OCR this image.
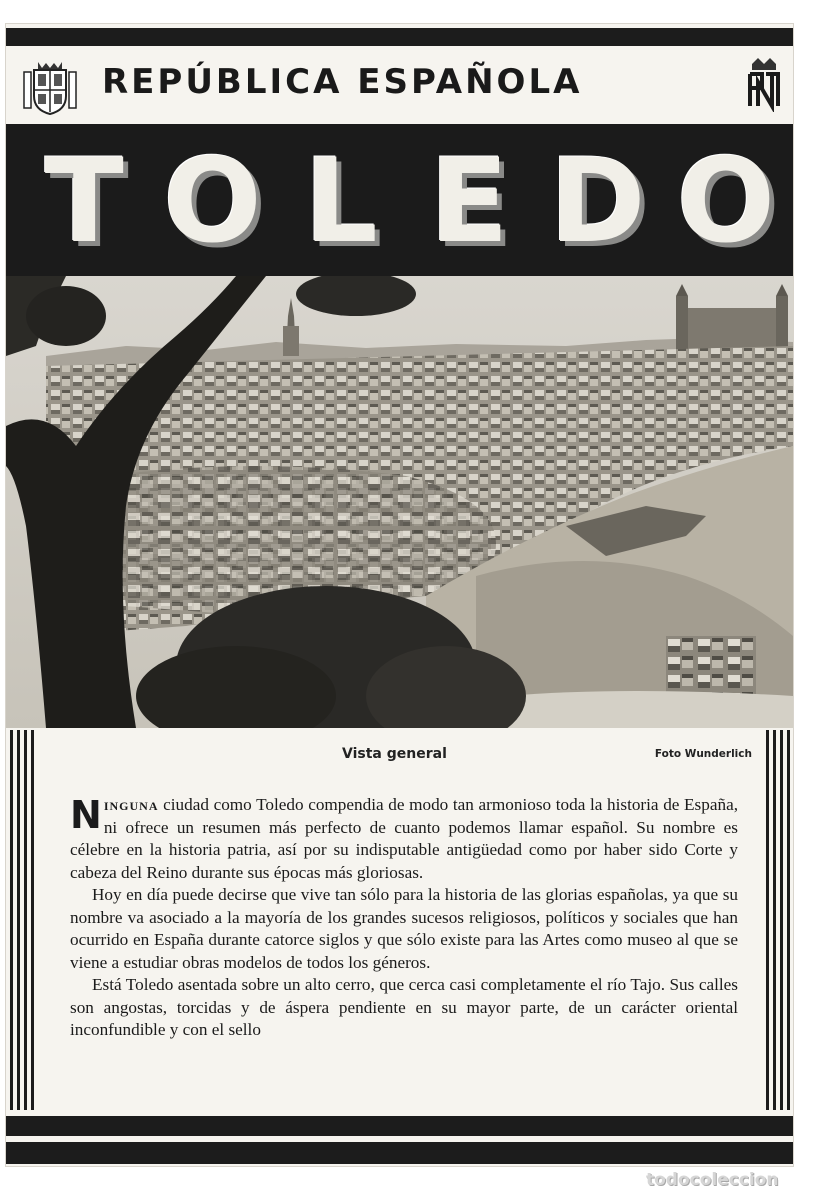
REPÚBLICA ESPAÑOLA
T O L E D O
Vista general	Foto Wunderlich

Ninguna ciudad como Toledo compendia de modo tan armonioso toda la historia de España, ni ofrece un resumen más perfecto de cuanto podemos llamar español. Su nombre es célebre en la historia patria, así por su indisputable antigüedad como por haber sido Corte y cabeza del Reino durante sus épocas más gloriosas.

Hoy en día puede decirse que vive tan sólo para la historia de las glorias españolas, ya que su nombre va asociado a la mayoría de los grandes sucesos religiosos, políticos y sociales que han ocurrido en España durante catorce siglos y que sólo existe para las Artes como museo al que se viene a estudiar obras modelos de todos los géneros.

Está Toledo asentada sobre un alto cerro, que cerca casi completamente el río Tajo. Sus calles son angostas, torcidas y de áspera pendiente en su mayor parte, de un carácter oriental inconfundible y con el sello

todocoleccion
